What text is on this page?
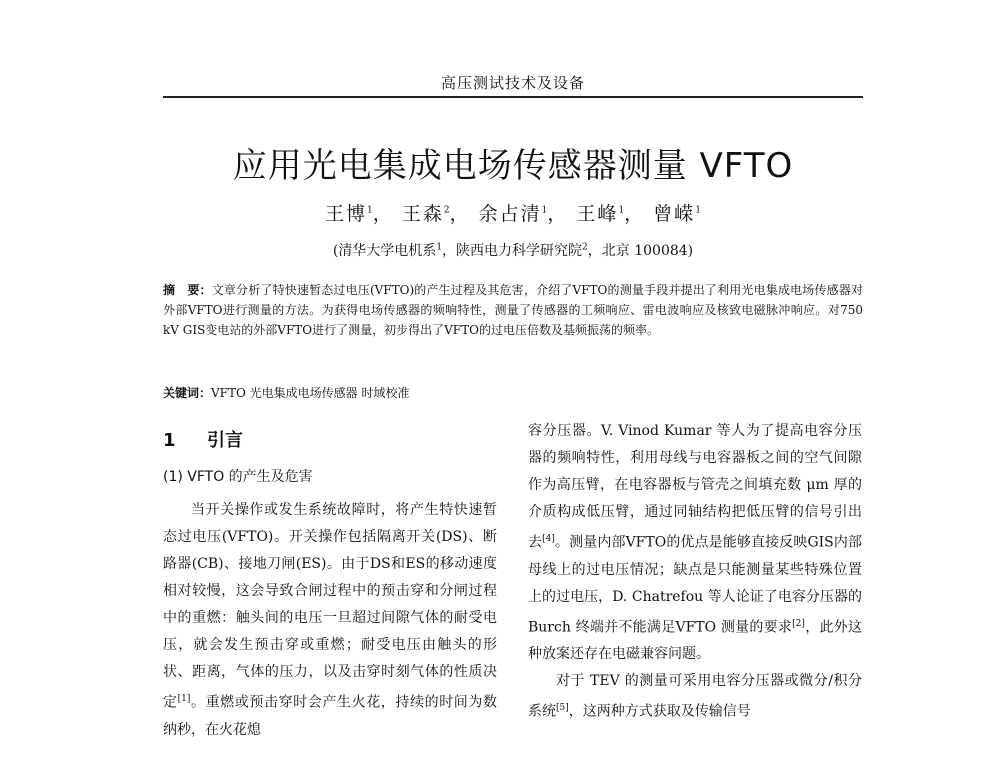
高压测试技术及设备
应用光电集成电场传感器测量 VFTO
王博$^1$， 王森$^2$， 余占清$^1$， 王峰$^1$， 曾嵘$^1$
(清华大学电机系$^1$，陕西电力科学研究院$^2$，北京 100084)
摘　要：文章分析了特快速暂态过电压(VFTO)的产生过程及其危害，介绍了VFTO的测量手段并提出了利用光电集成电场传感器对外部VFTO进行测量的方法。为获得电场传感器的频响特性，测量了传感器的工频响应、雷电波响应及核致电磁脉冲响应。对750 kV GIS变电站的外部VFTO进行了测量，初步得出了VFTO的过电压倍数及基频振荡的频率。
关键词：VFTO 光电集成电场传感器 时域校准
1 引言
(1) VFTO 的产生及危害

当开关操作或发生系统故障时，将产生特快速暂态过电压(VFTO)。开关操作包括隔离开关(DS)、断路器(CB)、接地刀闸(ES)。由于DS和ES的移动速度相对较慢，这会导致合闸过程中的预击穿和分闸过程中的重燃：触头间的电压一旦超过间隙气体的耐受电压，就会发生预击穿或重燃；耐受电压由触头的形状、距离，气体的压力，以及击穿时刻气体的性质决定[1]。重燃或预击穿时会产生火花，持续的时间为数纳秒，在火花熄

容分压器。V. Vinod Kumar 等人为了提高电容分压器的频响特性，利用母线与电容器板之间的空气间隙作为高压臂，在电容器板与管壳之间填充数 μm 厚的介质构成低压臂，通过同轴结构把低压臂的信号引出去[4]。测量内部VFTO的优点是能够直接反映GIS内部母线上的过电压情况；缺点是只能测量某些特殊位置上的过电压，D. Chatrefou 等人论证了电容分压器的 Burch 终端并不能满足VFTO 测量的要求[2]，此外这种放案还存在电磁兼容问题。

对于 TEV 的测量可采用电容分压器或微分/积分系统[5]，这两种方式获取及传输信号
